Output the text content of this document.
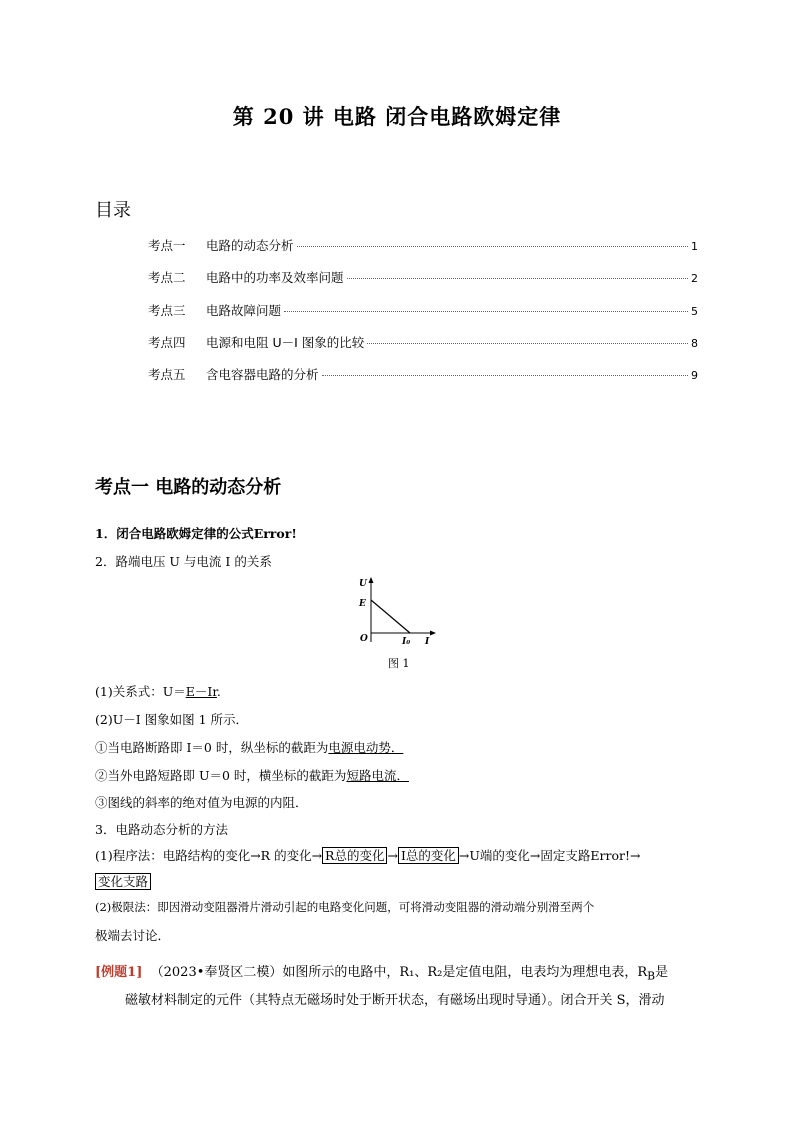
第 20 讲 电路 闭合电路欧姆定律
目录
考点一	电路的动态分析	1
考点二	电路中的功率及效率问题	2
考点三	电路故障问题	5
考点四	电源和电阻 U－I 图象的比较	8
考点五	含电容器电路的分析	9
考点一 电路的动态分析
1．闭合电路欧姆定律的公式Error!
2．路端电压 U 与电流 I 的关系
U
E
O	I₀ I
图 1
(1)关系式：U＝E－Ir.
(2)U－I 图象如图 1 所示．
①当电路断路即 I＝0 时，纵坐标的截距为电源电动势．
②当外电路短路即 U＝0 时，横坐标的截距为短路电流．
③图线的斜率的绝对值为电源的内阻．
3．电路动态分析的方法
(1)程序法：电路结构的变化→R 的变化→ R总的变化 → I总的变化 →U端的变化→固定支路Error!→
变化支路
(2)极限法：即因滑动变阻器滑片滑动引起的电路变化问题，可将滑动变阻器的滑动端分别滑至两个
极端去讨论．
[例题1] （2023•奉贤区二模）如图所示的电路中，R₁、R₂是定值电阻，电表均为理想电表，$R_B$是
磁敏材料制定的元件（其特点无磁场时处于断开状态，有磁场出现时导通）。闭合开关 S，滑动
